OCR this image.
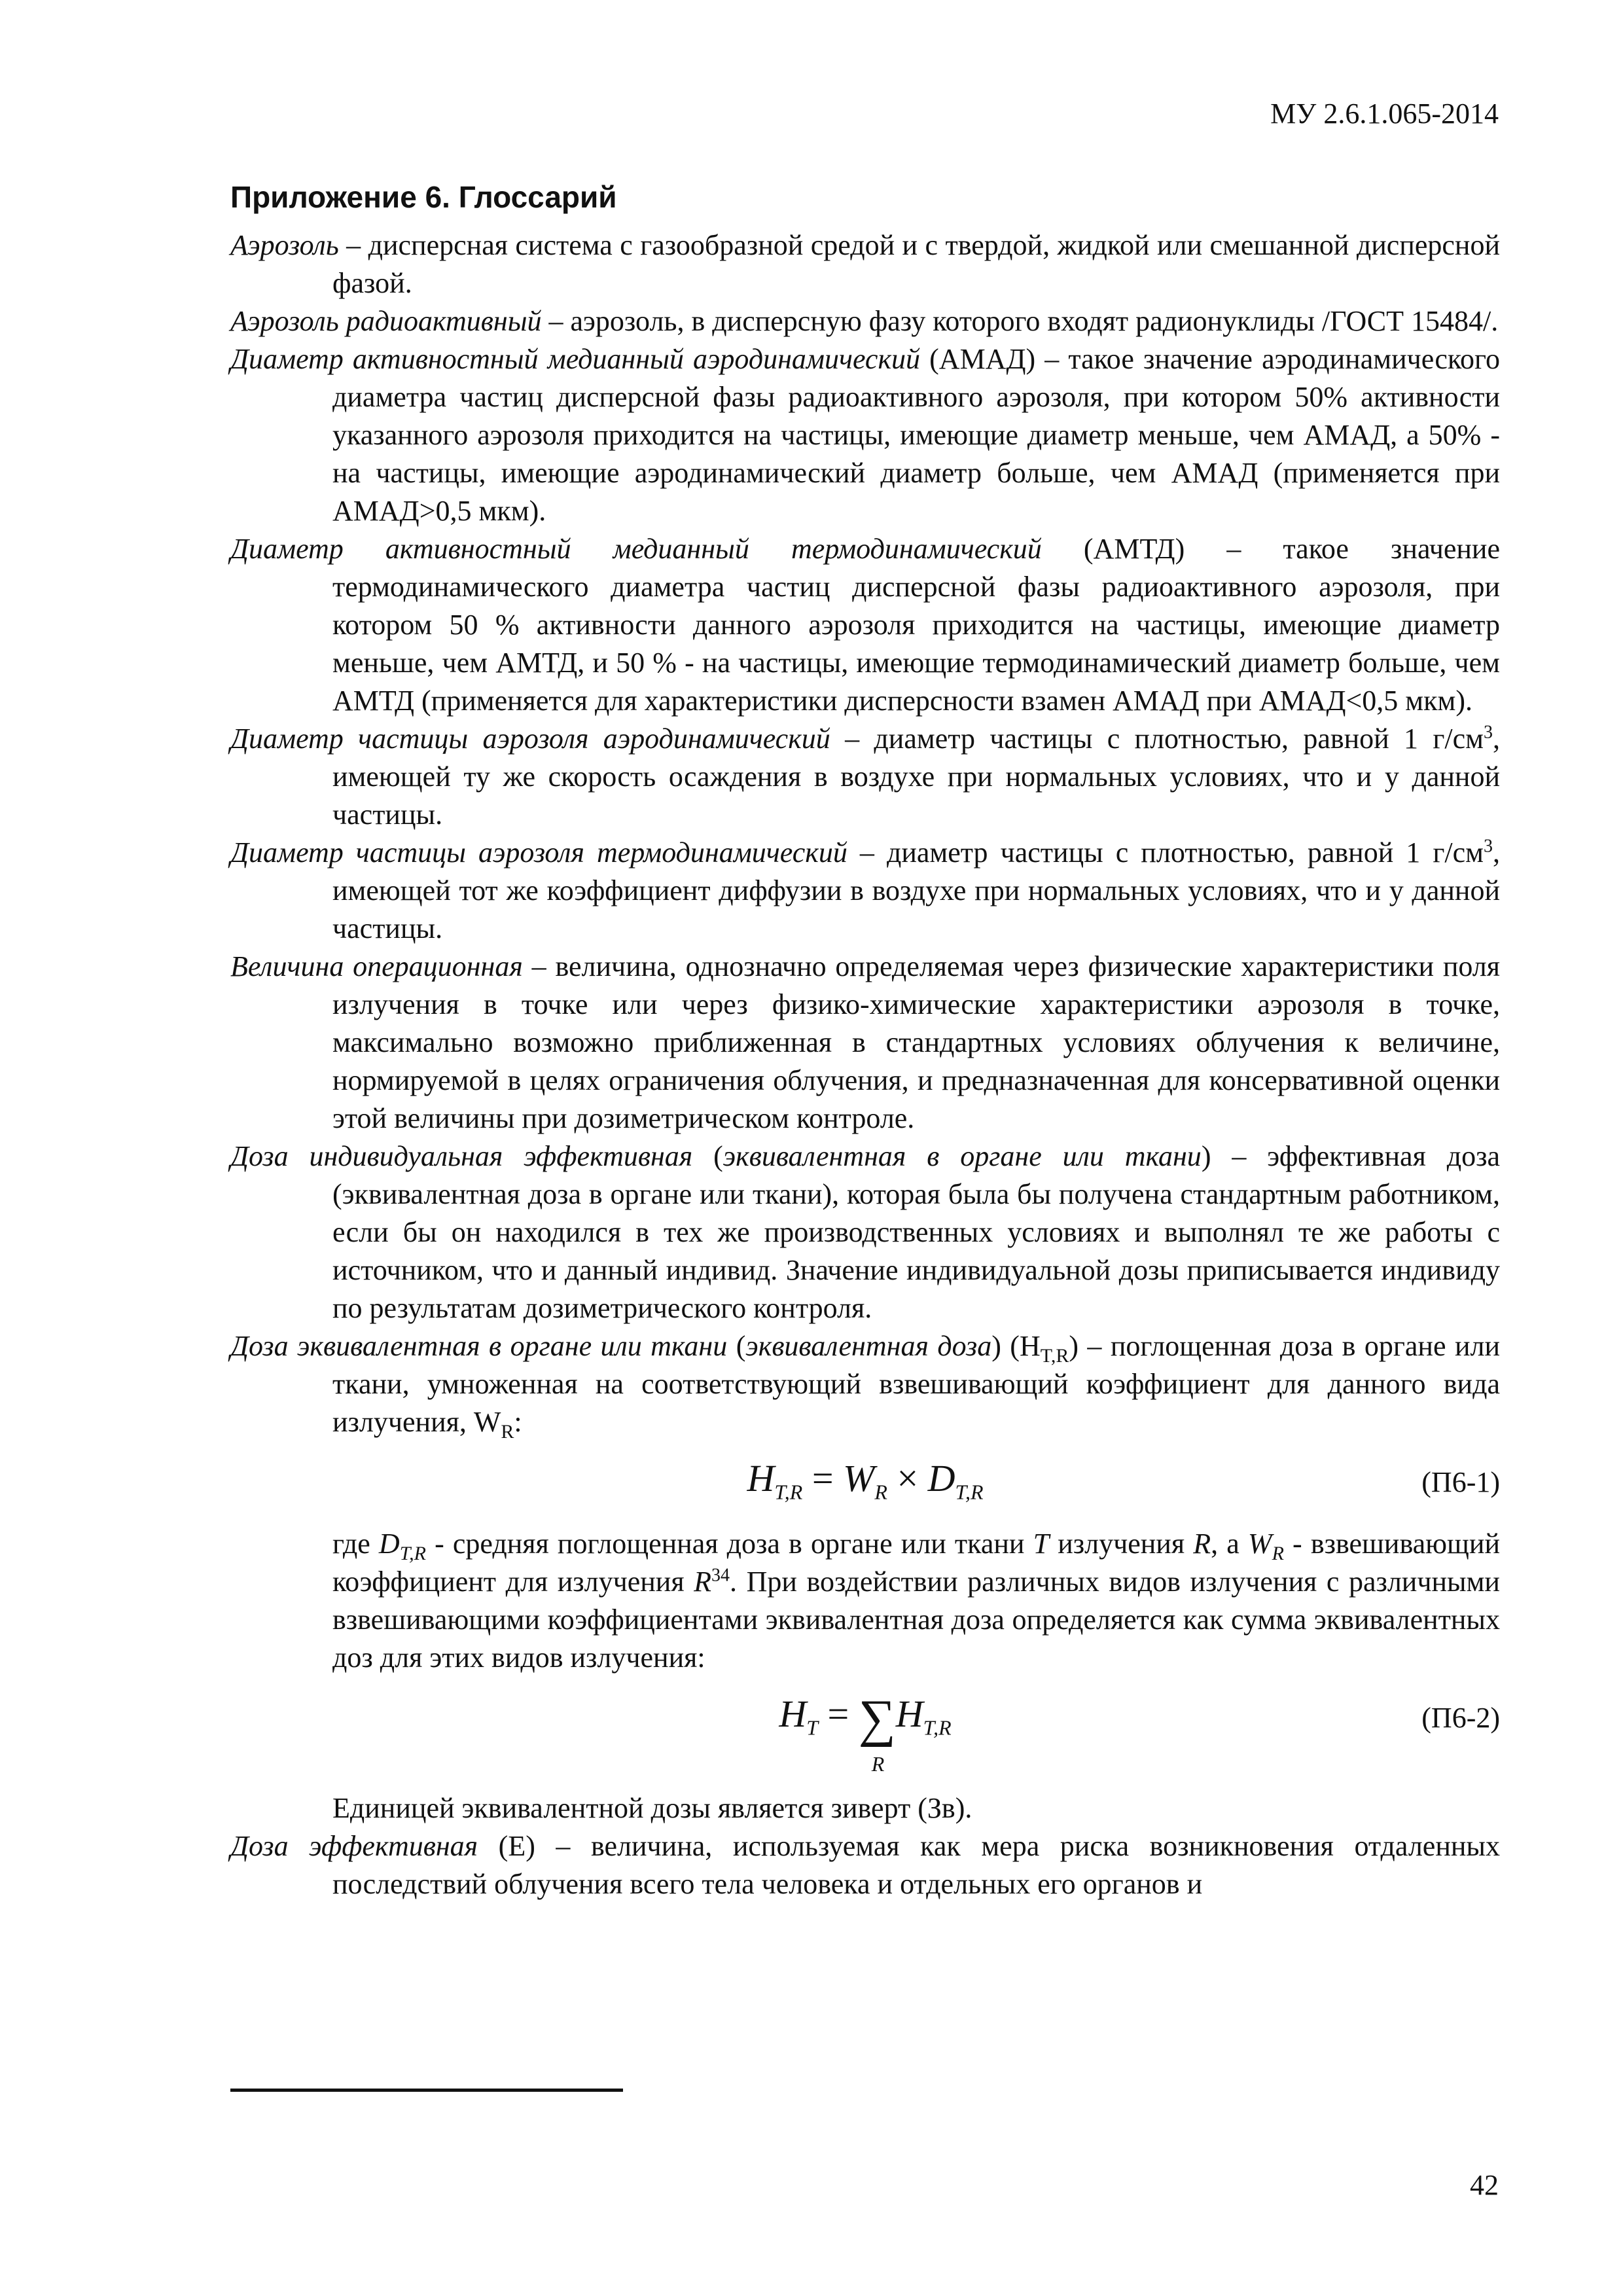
МУ 2.6.1.065-2014
Приложение 6. Глоссарий

Аэрозоль – дисперсная система с газообразной средой и с твердой, жидкой или смешанной дисперсной фазой.

Аэрозоль радиоактивный – аэрозоль, в дисперсную фазу которого входят радионуклиды /ГОСТ 15484/.

Диаметр активностный медианный аэродинамический (АМАД) – такое значение аэродинамического диаметра частиц дисперсной фазы радиоактивного аэрозоля, при котором 50% активности указанного аэрозоля приходится на частицы, имеющие диаметр меньше, чем АМАД, а 50% - на частицы, имеющие аэродинамический диаметр больше, чем АМАД (применяется при АМАД>0,5 мкм).

Диаметр активностный медианный термодинамический (АМТД) – такое значение термодинамического диаметра частиц дисперсной фазы радиоактивного аэрозоля, при котором 50 % активности данного аэрозоля приходится на частицы, имеющие диаметр меньше, чем АМТД, и 50 % - на частицы, имеющие термодинамический диаметр больше, чем АМТД (применяется для характеристики дисперсности взамен АМАД при АМАД<0,5 мкм).

Диаметр частицы аэрозоля аэродинамический – диаметр частицы с плотностью, равной 1 $г/см^3$, имеющей ту же скорость осаждения в воздухе при нормальных условиях, что и у данной частицы.

Диаметр частицы аэрозоля термодинамический – диаметр частицы с плотностью, равной 1 $г/см^3$, имеющей тот же коэффициент диффузии в воздухе при нормальных условиях, что и у данной частицы.

Величина операционная – величина, однозначно определяемая через физические характеристики поля излучения в точке или через физико-химические характеристики аэрозоля в точке, максимально возможно приближенная в стандартных условиях облучения к величине, нормируемой в целях ограничения облучения, и предназначенная для консервативной оценки этой величины при дозиметрическом контроле.

Доза индивидуальная эффективная (эквивалентная в органе или ткани) – эффективная доза (эквивалентная доза в органе или ткани), которая была бы получена стандартным работником, если бы он находился в тех же производственных условиях и выполнял те же работы с источником, что и данный индивид. Значение индивидуальной дозы приписывается индивиду по результатам дозиметрического контроля.

Доза эквивалентная в органе или ткани (эквивалентная доза) $(H_{T,R})$ – поглощенная доза в органе или ткани, умноженная на соответствующий взвешивающий коэффициент для данного вида излучения, $W_R$:

$H_{T,R} = W_R \times D_{T,R}$	(П6-1)

где $D_{T,R}$ - средняя поглощенная доза в органе или ткани T излучения R, а $W_R$ - взвешивающий коэффициент для излучения $R^{34}$. При воздействии различных видов излучения с различными взвешивающими коэффициентами эквивалентная доза определяется как сумма эквивалентных доз для этих видов излучения:

$H_T$ = ∑
R
$H_{T,R}$	(П6-2)

Единицей эквивалентной дозы является зиверт (Зв).

Доза эффективная (E) – величина, используемая как мера риска возникновения отдаленных последствий облучения всего тела человека и отдельных его органов и

42
